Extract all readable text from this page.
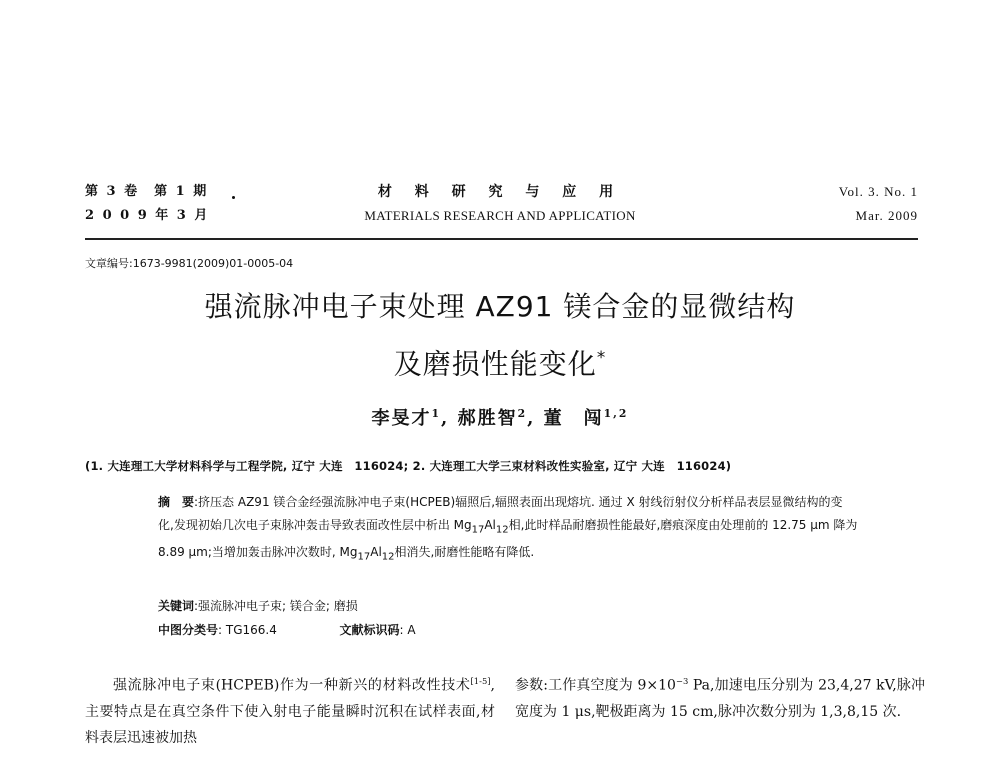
第 3 卷　第 1 期
2 0 0 9 年 3 月
材 料 研 究 与 应 用
MATERIALS RESEARCH AND APPLICATION
Vol. 3. No. 1
Mar. 2009
文章编号:1673-9981(2009)01-0005-04
强流脉冲电子束处理 AZ91 镁合金的显微结构
及磨损性能变化*
李旻才$^1$, 郝胜智$^2$, 董　闯$^{1,2}$
(1. 大连理工大学材料科学与工程学院, 辽宁 大连　116024; 2. 大连理工大学三束材料改性实验室, 辽宁 大连　116024)
摘　要:挤压态 AZ91 镁合金经强流脉冲电子束(HCPEB)辐照后,辐照表面出现熔坑. 通过 X 射线衍射仪分析样品表层显微结构的变化,发现初始几次电子束脉冲轰击导致表面改性层中析出 $Mg_{17}Al_{12}$相,此时样品耐磨损性能最好,磨痕深度由处理前的 12.75 μm 降为 8.89 μm;当增加轰击脉冲次数时, $Mg_{17}Al_{12}$相消失,耐磨性能略有降低.
关键词:强流脉冲电子束; 镁合金; 磨损
中图分类号: TG166.4	文献标识码: A
强流脉冲电子束(HCPEB)作为一种新兴的材料改性技术[1-5],主要特点是在真空条件下使入射电子能量瞬时沉积在试样表面,材料表层迅速被加热
参数:工作真空度为 $9\times 10^{-3}$ Pa,加速电压分别为 23,4,27 kV,脉冲宽度为 1 μs,靶极距离为 15 cm,脉冲次数分别为 1,3,8,15 次.
